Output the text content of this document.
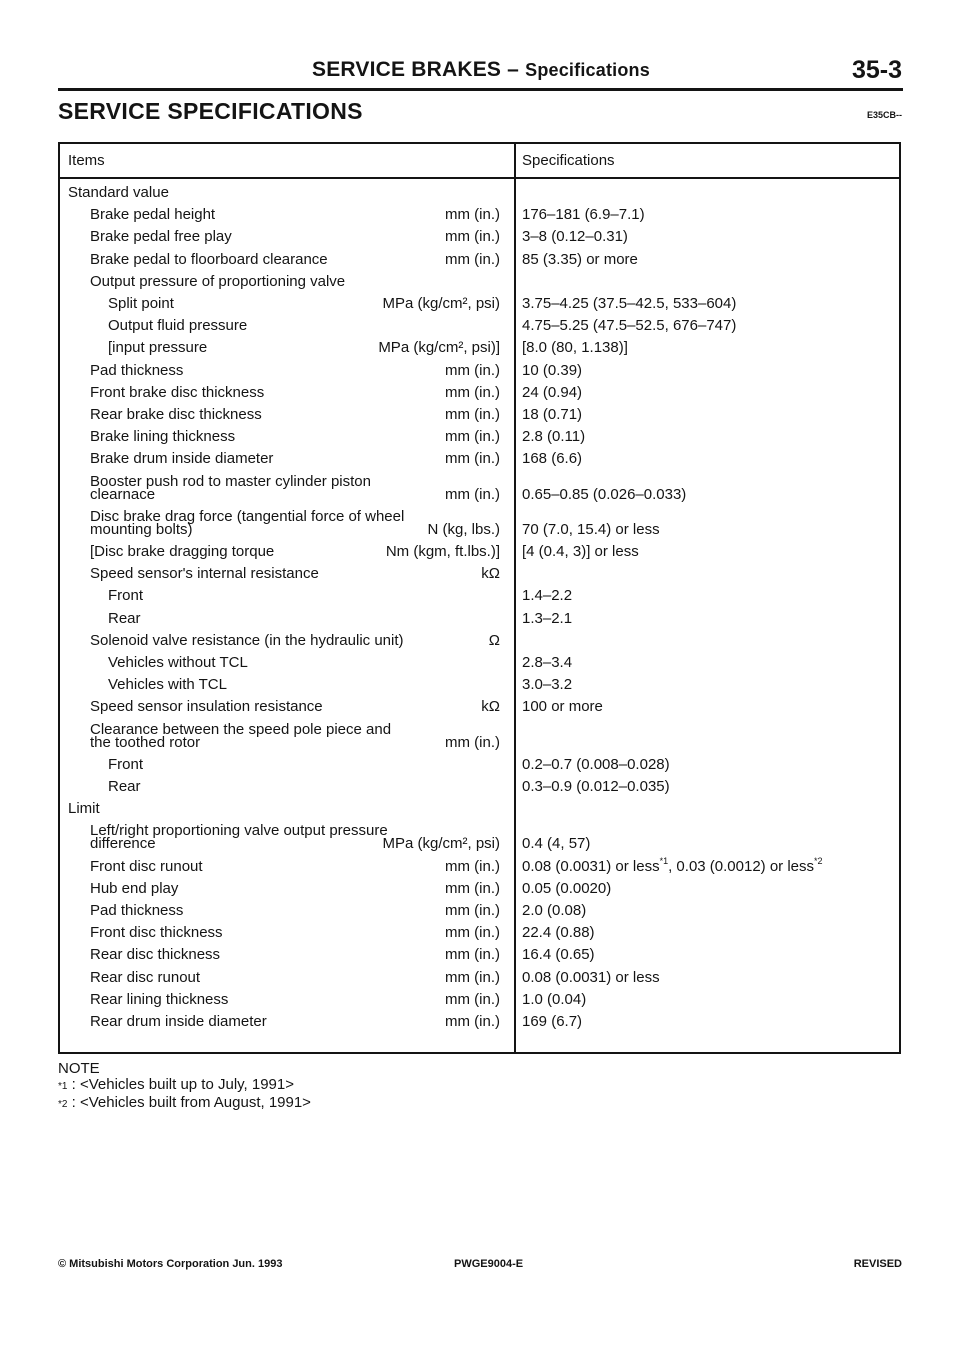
SERVICE BRAKES – Specifications	35-3
SERVICE SPECIFICATIONS	E35CB--
Items	Specifications
Standard value
Brake pedal height	mm (in.) 176–181 (6.9–7.1)
Brake pedal free play	mm (in.) 3–8 (0.12–0.31)
Brake pedal to floorboard clearance	mm (in.) 85 (3.35) or more
Output pressure of proportioning valve
Split point	MPa (kg/cm², psi) 3.75–4.25 (37.5–42.5, 533–604)
Output fluid pressure	4.75–5.25 (47.5–52.5, 676–747)
[input pressure	MPa (kg/cm², psi)] [8.0 (80, 1.138)]
Pad thickness	mm (in.) 10 (0.39)
Front brake disc thickness	mm (in.) 24 (0.94)
Rear brake disc thickness	mm (in.) 18 (0.71)
Brake lining thickness	mm (in.) 2.8 (0.11)
Brake drum inside diameter	mm (in.) 168 (6.6)
Booster push rod to master cylinder piston
clearnace	mm (in.) 0.65–0.85 (0.026–0.033)
Disc brake drag force (tangential force of wheel
mounting bolts)	N (kg, lbs.) 70 (7.0, 15.4) or less
[Disc brake dragging torque	Nm (kgm, ft.lbs.)] [4 (0.4, 3)] or less
Speed sensor's internal resistance	kΩ
Front	1.4–2.2
Rear	1.3–2.1
Solenoid valve resistance (in the hydraulic unit)	Ω
Vehicles without TCL	2.8–3.4
Vehicles with TCL	3.0–3.2
Speed sensor insulation resistance	kΩ 100 or more
Clearance between the speed pole piece and
the toothed rotor	mm (in.)
Front	0.2–0.7 (0.008–0.028)
Rear	0.3–0.9 (0.012–0.035)
Limit
Left/right proportioning valve output pressure
difference	MPa (kg/cm², psi) 0.4 (4, 57)
Front disc runout	mm (in.) 0.08 (0.0031) or less$^{*1}$, 0.03 (0.0012) or less$^{*2}$
Hub end play	mm (in.) 0.05 (0.0020)
Pad thickness	mm (in.) 2.0 (0.08)
Front disc thickness	mm (in.) 22.4 (0.88)
Rear disc thickness	mm (in.) 16.4 (0.65)
Rear disc runout	mm (in.) 0.08 (0.0031) or less
Rear lining thickness	mm (in.) 1.0 (0.04)
Rear drum inside diameter	mm (in.) 169 (6.7)
NOTE
*1 : <Vehicles built up to July, 1991>
*2 : <Vehicles built from August, 1991>
© Mitsubishi Motors Corporation Jun. 1993	PWGE9004-E	REVISED
